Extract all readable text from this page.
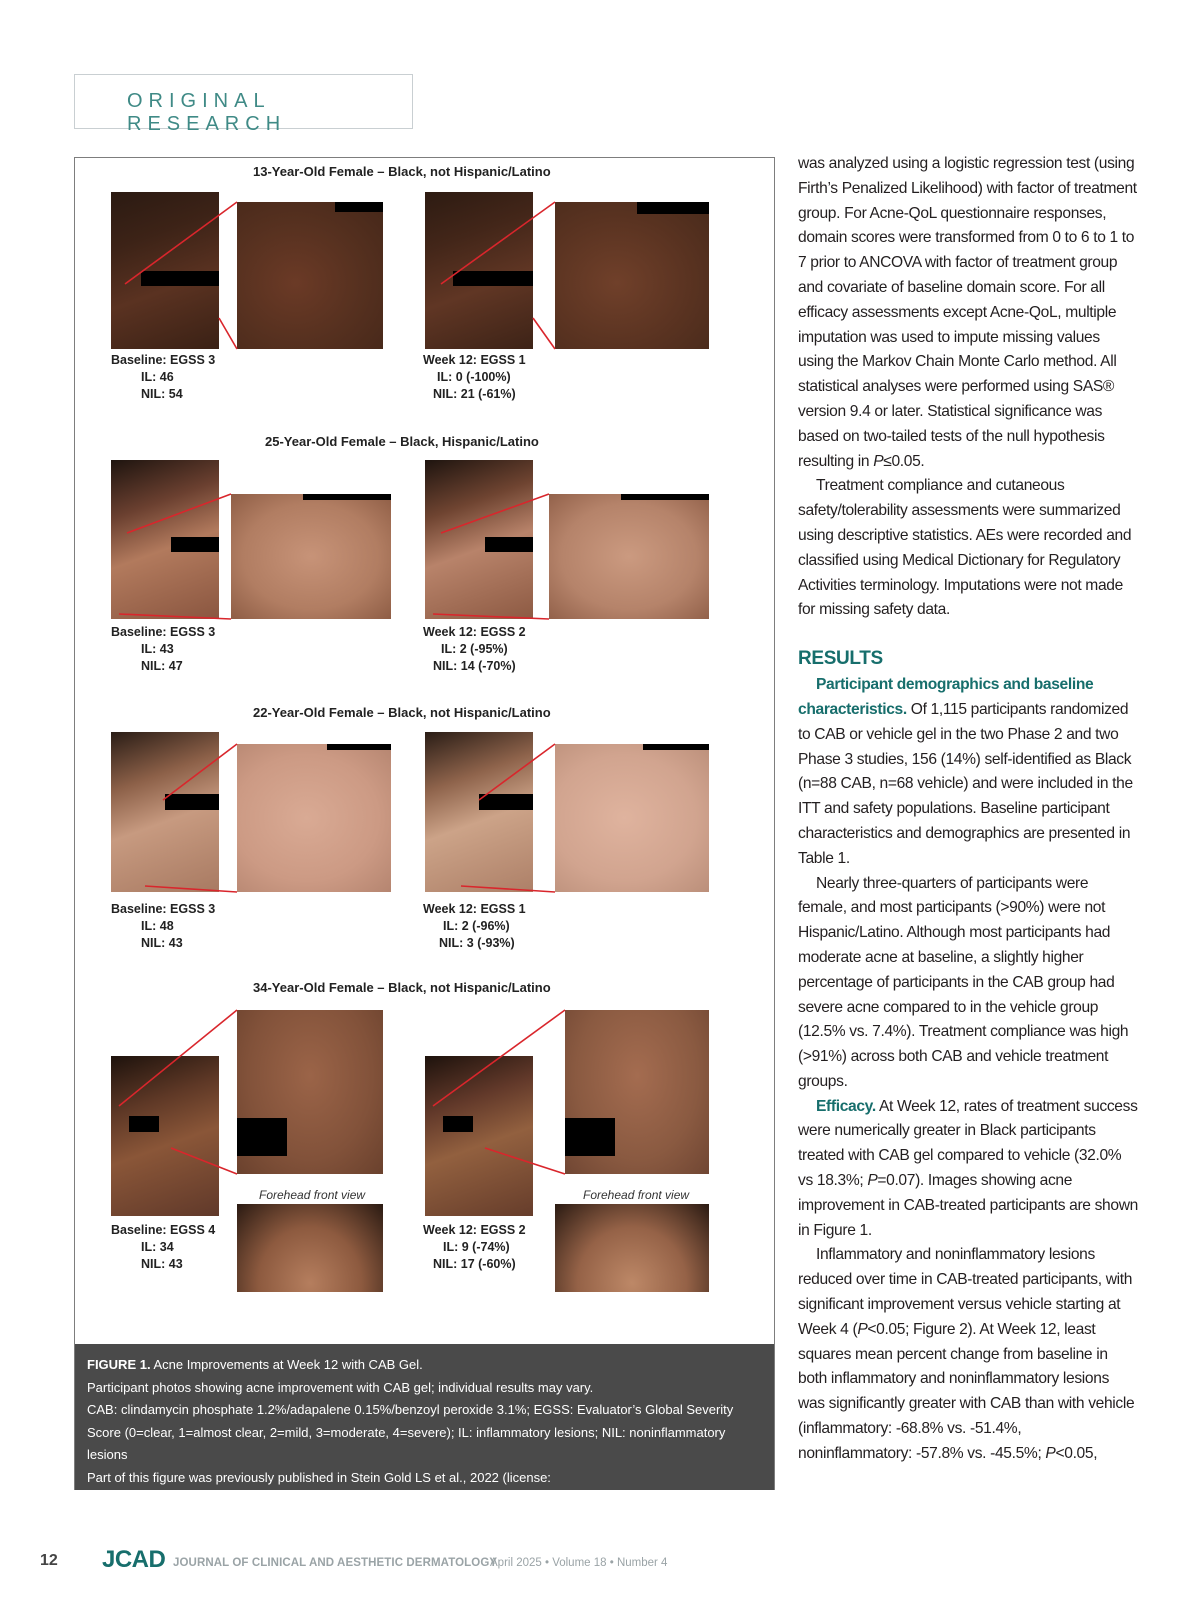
ORIGINAL RESEARCH
13-Year-Old Female – Black, not Hispanic/Latino
Baseline: EGSS 3
IL: 46
NIL: 54
Week 12: EGSS 1
IL: 0 (-100%)
NIL: 21 (-61%)
25-Year-Old Female – Black, Hispanic/Latino
Baseline: EGSS 3
IL: 43
NIL: 47
Week 12: EGSS 2
IL: 2 (-95%)
NIL: 14 (-70%)
22-Year-Old Female – Black, not Hispanic/Latino
Baseline: EGSS 3
IL: 48
NIL: 43
Week 12: EGSS 1
IL: 2 (-96%)
NIL: 3 (-93%)
34-Year-Old Female – Black, not Hispanic/Latino
Forehead front view	Forehead front view
Baseline: EGSS 4
IL: 34
NIL: 43
Week 12: EGSS 2
IL: 9 (-74%)
NIL: 17 (-60%)
FIGURE 1. Acne Improvements at Week 12 with CAB Gel.
Participant photos showing acne improvement with CAB gel; individual results may vary.
CAB: clindamycin phosphate 1.2%/adapalene 0.15%/benzoyl peroxide 3.1%; EGSS: Evaluator’s Global Severity Score (0=clear, 1=almost clear, 2=mild, 3=moderate, 4=severe); IL: inflammatory lesions; NIL: noninflammatory lesions
Part of this figure was previously published in Stein Gold LS et al., 2022 (license: https://creativecommons.org/licenses/by-nc/4.0/).$^{17}$

was analyzed using a logistic regression test (using Firth’s Penalized Likelihood) with factor of treatment group. For Acne-QoL questionnaire responses, domain scores were transformed from 0 to 6 to 1 to 7 prior to ANCOVA with factor of treatment group and covariate of baseline domain score. For all efficacy assessments except Acne-QoL, multiple imputation was used to impute missing values using the Markov Chain Monte Carlo method. All statistical analyses were performed using SAS® version 9.4 or later. Statistical significance was based on two-tailed tests of the null hypothesis resulting in P≤0.05.

Treatment compliance and cutaneous safety/tolerability assessments were summarized using descriptive statistics. AEs were recorded and classified using Medical Dictionary for Regulatory Activities terminology. Imputations were not made for missing safety data.

RESULTS

Participant demographics and baseline characteristics. Of 1,115 participants randomized to CAB or vehicle gel in the two Phase 2 and two Phase 3 studies, 156 (14%) self-identified as Black (n=88 CAB, n=68 vehicle) and were included in the ITT and safety populations. Baseline participant characteristics and demographics are presented in Table 1.

Nearly three-quarters of participants were female, and most participants (>90%) were not Hispanic/Latino. Although most participants had moderate acne at baseline, a slightly higher percentage of participants in the CAB group had severe acne compared to in the vehicle group (12.5% vs. 7.4%). Treatment compliance was high (>91%) across both CAB and vehicle treatment groups.

Efficacy. At Week 12, rates of treatment success were numerically greater in Black participants treated with CAB gel compared to vehicle (32.0% vs 18.3%; P=0.07). Images showing acne improvement in CAB-treated participants are shown in Figure 1.

Inflammatory and noninflammatory lesions reduced over time in CAB-treated participants, with significant improvement versus vehicle starting at Week 4 (P<0.05; Figure 2). At Week 12, least squares mean percent change from baseline in both inflammatory and noninflammatory lesions was significantly greater with CAB than with vehicle (inflammatory: -68.8% vs. -51.4%, noninflammatory: -57.8% vs. -45.5%; P<0.05,

12 JCAD JOURNAL OF CLINICAL AND AESTHETIC DERMATOLOGY
April 2025 • Volume 18 • Number 4
